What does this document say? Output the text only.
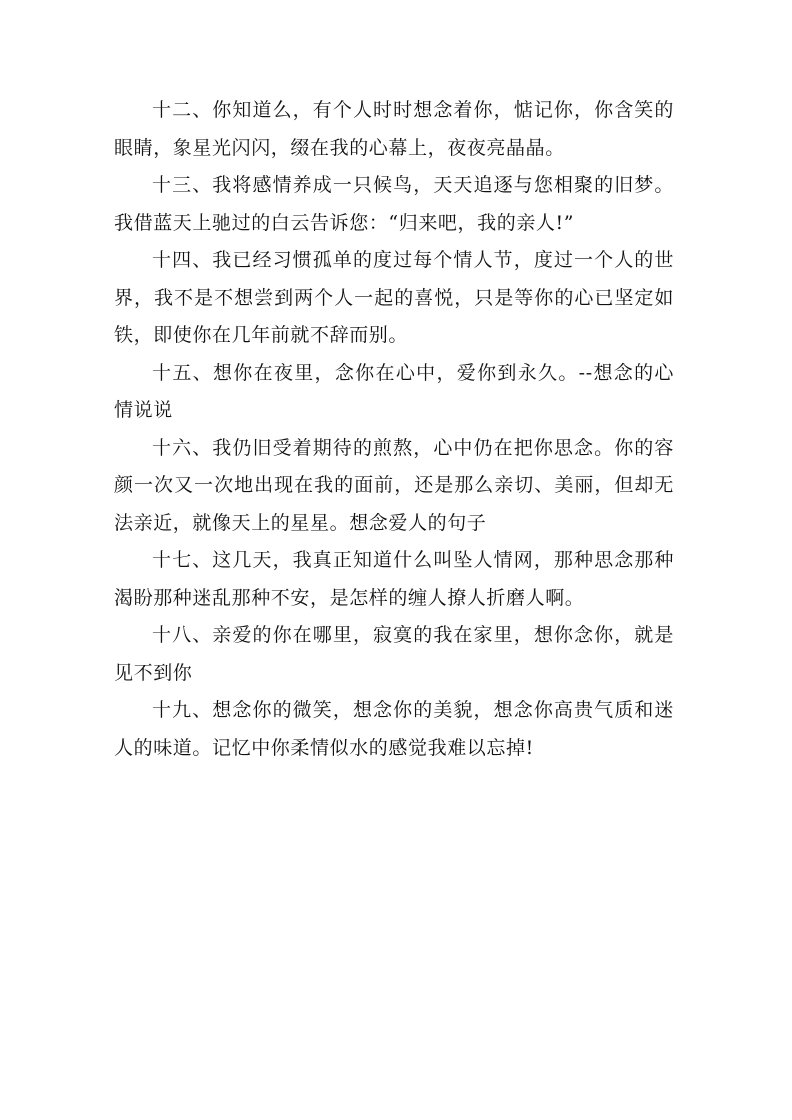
十二、你知道么，有个人时时想念着你，惦记你，你含笑的眼睛，象星光闪闪，缀在我的心幕上，夜夜亮晶晶。

十三、我将感情养成一只候鸟，天天追逐与您相聚的旧梦。我借蓝天上驰过的白云告诉您：“归来吧，我的亲人!”

十四、我已经习惯孤单的度过每个情人节，度过一个人的世界，我不是不想尝到两个人一起的喜悦，只是等你的心已坚定如铁，即使你在几年前就不辞而别。

十五、想你在夜里，念你在心中，爱你到永久。--想念的心情说说

十六、我仍旧受着期待的煎熬，心中仍在把你思念。你的容颜一次又一次地出现在我的面前，还是那么亲切、美丽，但却无法亲近，就像天上的星星。想念爱人的句子

十七、这几天，我真正知道什么叫坠人情网，那种思念那种渴盼那种迷乱那种不安，是怎样的缠人撩人折磨人啊。

十八、亲爱的你在哪里，寂寞的我在家里，想你念你，就是见不到你

十九、想念你的微笑，想念你的美貌，想念你高贵气质和迷人的味道。记忆中你柔情似水的感觉我难以忘掉!
